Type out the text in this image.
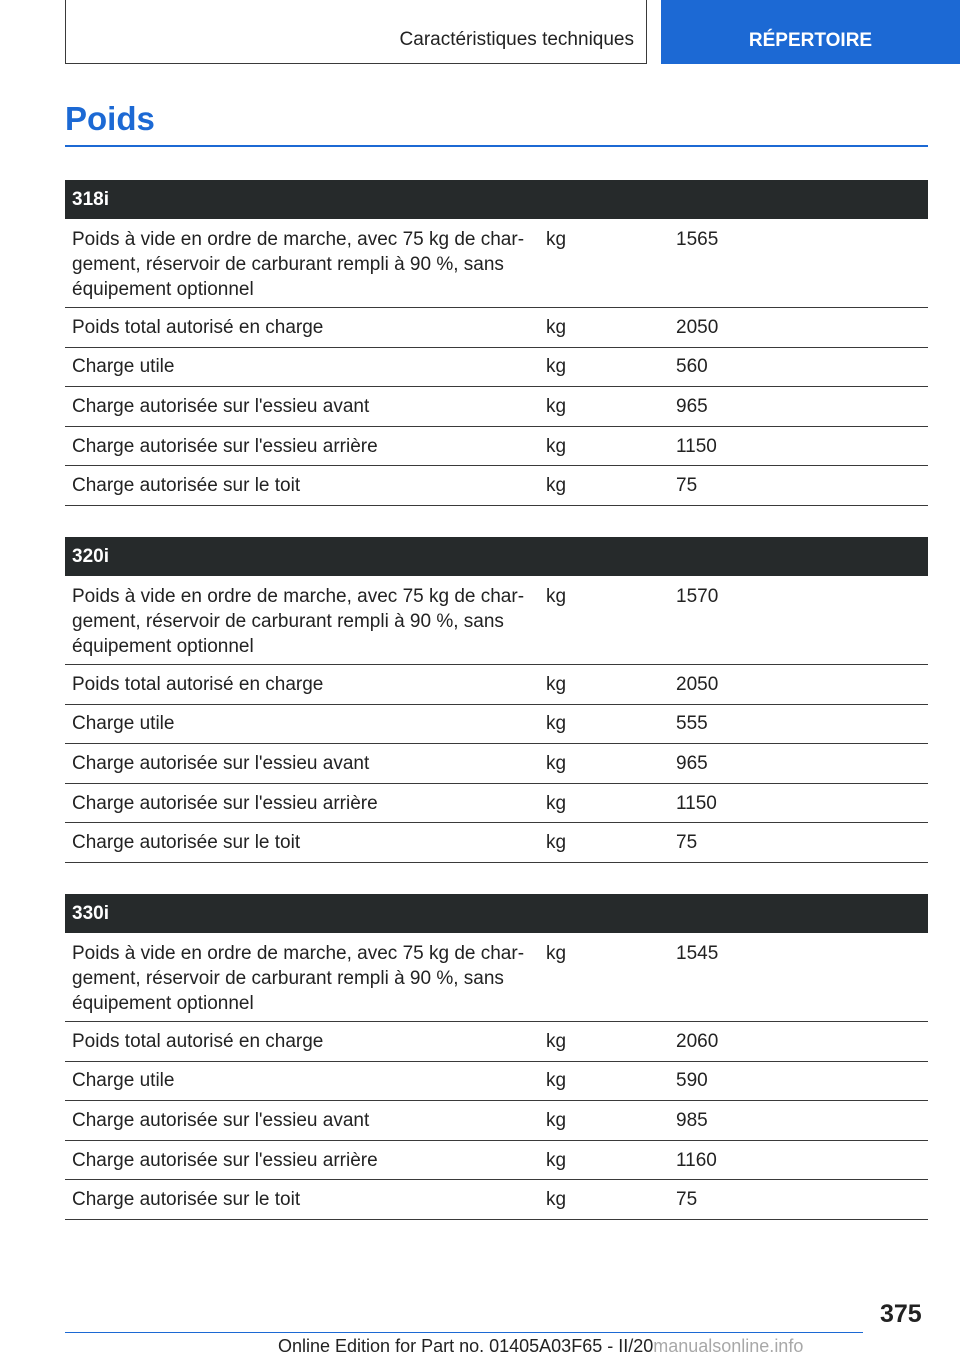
Caractéristiques techniques	RÉPERTOIRE
Poids
318i
Poids à vide en ordre de marche, avec 75 kg de char-
gement, réservoir de carburant rempli à 90 %, sans
équipement optionnel
kg	1565
Poids total autorisé en charge	kg	2050
Charge utile	kg	560
Charge autorisée sur l'essieu avant	kg	965
Charge autorisée sur l'essieu arrière	kg	1150
Charge autorisée sur le toit	kg	75
320i
Poids à vide en ordre de marche, avec 75 kg de char-
gement, réservoir de carburant rempli à 90 %, sans
équipement optionnel
kg	1570
Poids total autorisé en charge	kg	2050
Charge utile	kg	555
Charge autorisée sur l'essieu avant	kg	965
Charge autorisée sur l'essieu arrière	kg	1150
Charge autorisée sur le toit	kg	75
330i
Poids à vide en ordre de marche, avec 75 kg de char-
gement, réservoir de carburant rempli à 90 %, sans
équipement optionnel
kg	1545
Poids total autorisé en charge	kg	2060
Charge utile	kg	590
Charge autorisée sur l'essieu avant	kg	985
Charge autorisée sur l'essieu arrière	kg	1160
Charge autorisée sur le toit	kg	75
375
Online Edition for Part no. 01405A03F65 - II/20manualsonline.info
